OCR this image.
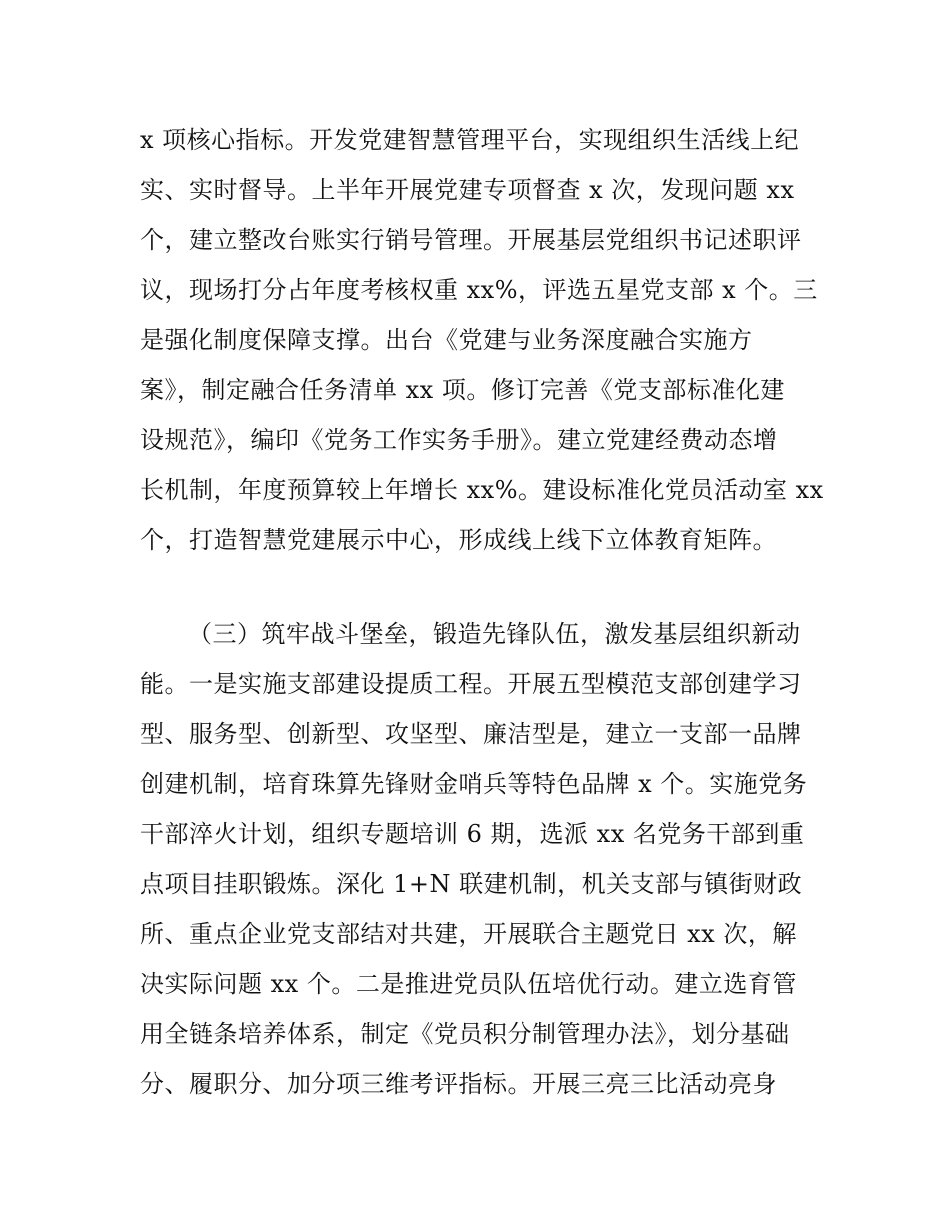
x 项核心指标。开发党建智慧管理平台，实现组织生活线上纪
实、实时督导。上半年开展党建专项督查 x 次，发现问题 xx
个，建立整改台账实行销号管理。开展基层党组织书记述职评
议，现场打分占年度考核权重 xx%，评选五星党支部 x 个。三
是强化制度保障支撑。出台《党建与业务深度融合实施方
案》，制定融合任务清单 xx 项。修订完善《党支部标准化建
设规范》，编印《党务工作实务手册》。建立党建经费动态增
长机制，年度预算较上年增长 xx%。建设标准化党员活动室 xx
个，打造智慧党建展示中心，形成线上线下立体教育矩阵。
（三）筑牢战斗堡垒，锻造先锋队伍，激发基层组织新动
能。一是实施支部建设提质工程。开展五型模范支部创建学习
型、服务型、创新型、攻坚型、廉洁型是，建立一支部一品牌
创建机制，培育珠算先锋财金哨兵等特色品牌 x 个。实施党务
干部淬火计划，组织专题培训 6 期，选派 xx 名党务干部到重
点项目挂职锻炼。深化 1+N 联建机制，机关支部与镇街财政
所、重点企业党支部结对共建，开展联合主题党日 xx 次，解
决实际问题 xx 个。二是推进党员队伍培优行动。建立选育管
用全链条培养体系，制定《党员积分制管理办法》，划分基础
分、履职分、加分项三维考评指标。开展三亮三比活动亮身
